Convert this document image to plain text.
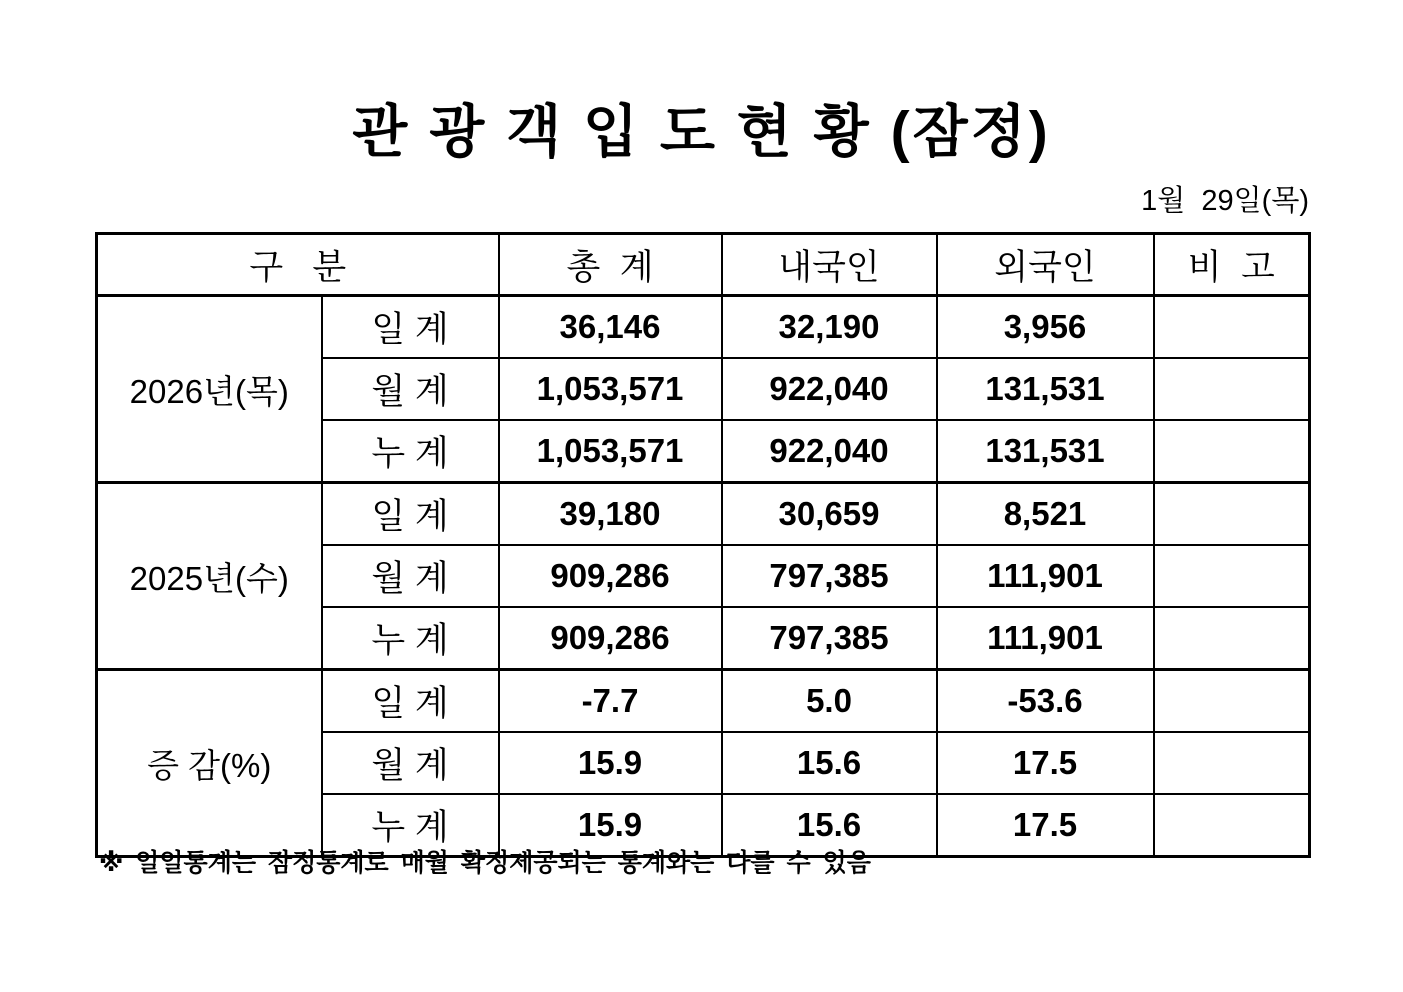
관 광 객 입 도 현 황 (잠정)
1월  29일(목)
구   분		총  계	내국인	외국인	비  고
2026년(목)	일 계	36,146	32,190	3,956	
	월 계	1,053,571	922,040	131,531	
	누 계	1,053,571	922,040	131,531	
2025년(수)	일 계	39,180	30,659	8,521	
	월 계	909,286	797,385	111,901	
	누 계	909,286	797,385	111,901	
증 감(%)	일 계	-7.7	5.0	-53.6	
	월 계	15.9	15.6	17.5	
	누 계	15.9	15.6	17.5	
※ 일일통계는 잠정통계로 매월 확정제공되는 통계와는 다를 수 있음
